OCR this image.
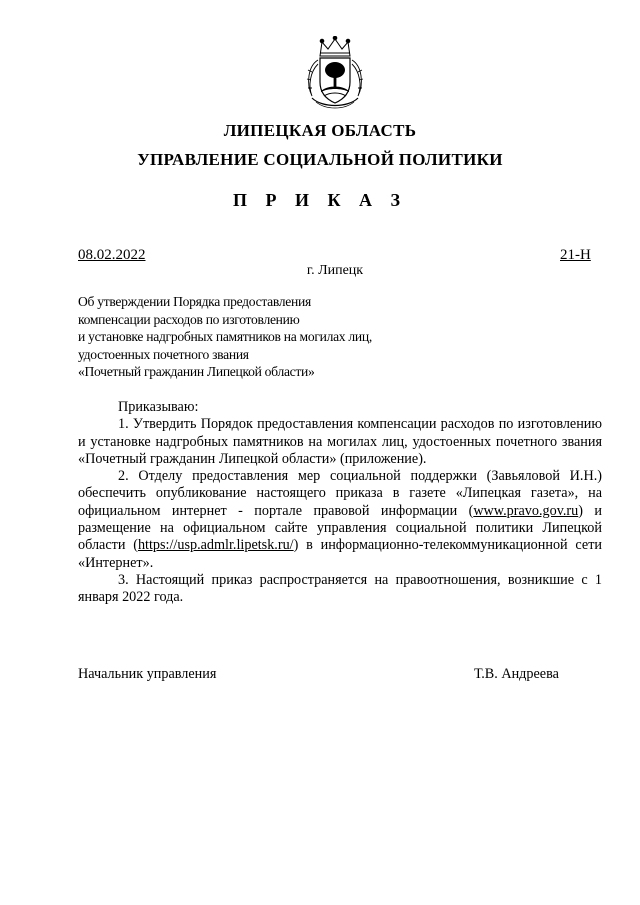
ЛИПЕЦКАЯ ОБЛАСТЬ
УПРАВЛЕНИЕ СОЦИАЛЬНОЙ ПОЛИТИКИ
П Р И К А З
08.02.2022	21-Н
г. Липецк
Об утверждении Порядка предоставления
компенсации расходов по изготовлению
и установке надгробных памятников на могилах лиц,
удостоенных почетного звания
«Почетный гражданин Липецкой области»

Приказываю:

1. Утвердить Порядок предоставления компенсации расходов по изготовлению и установке надгробных памятников на могилах лиц, удостоенных почетного звания «Почетный гражданин Липецкой области» (приложение).

2. Отделу предоставления мер социальной поддержки (Завьяловой И.Н.) обеспечить опубликование настоящего приказа в газете «Липецкая газета», на официальном интернет - портале правовой информации (www.pravo.gov.ru) и размещение на официальном сайте управления социальной политики Липецкой области (https://usp.admlr.lipetsk.ru/) в информационно-телекоммуникационной сети «Интернет».

3. Настоящий приказ распространяется на правоотношения, возникшие с 1 января 2022 года.

Начальник управления	Т.В. Андреева
